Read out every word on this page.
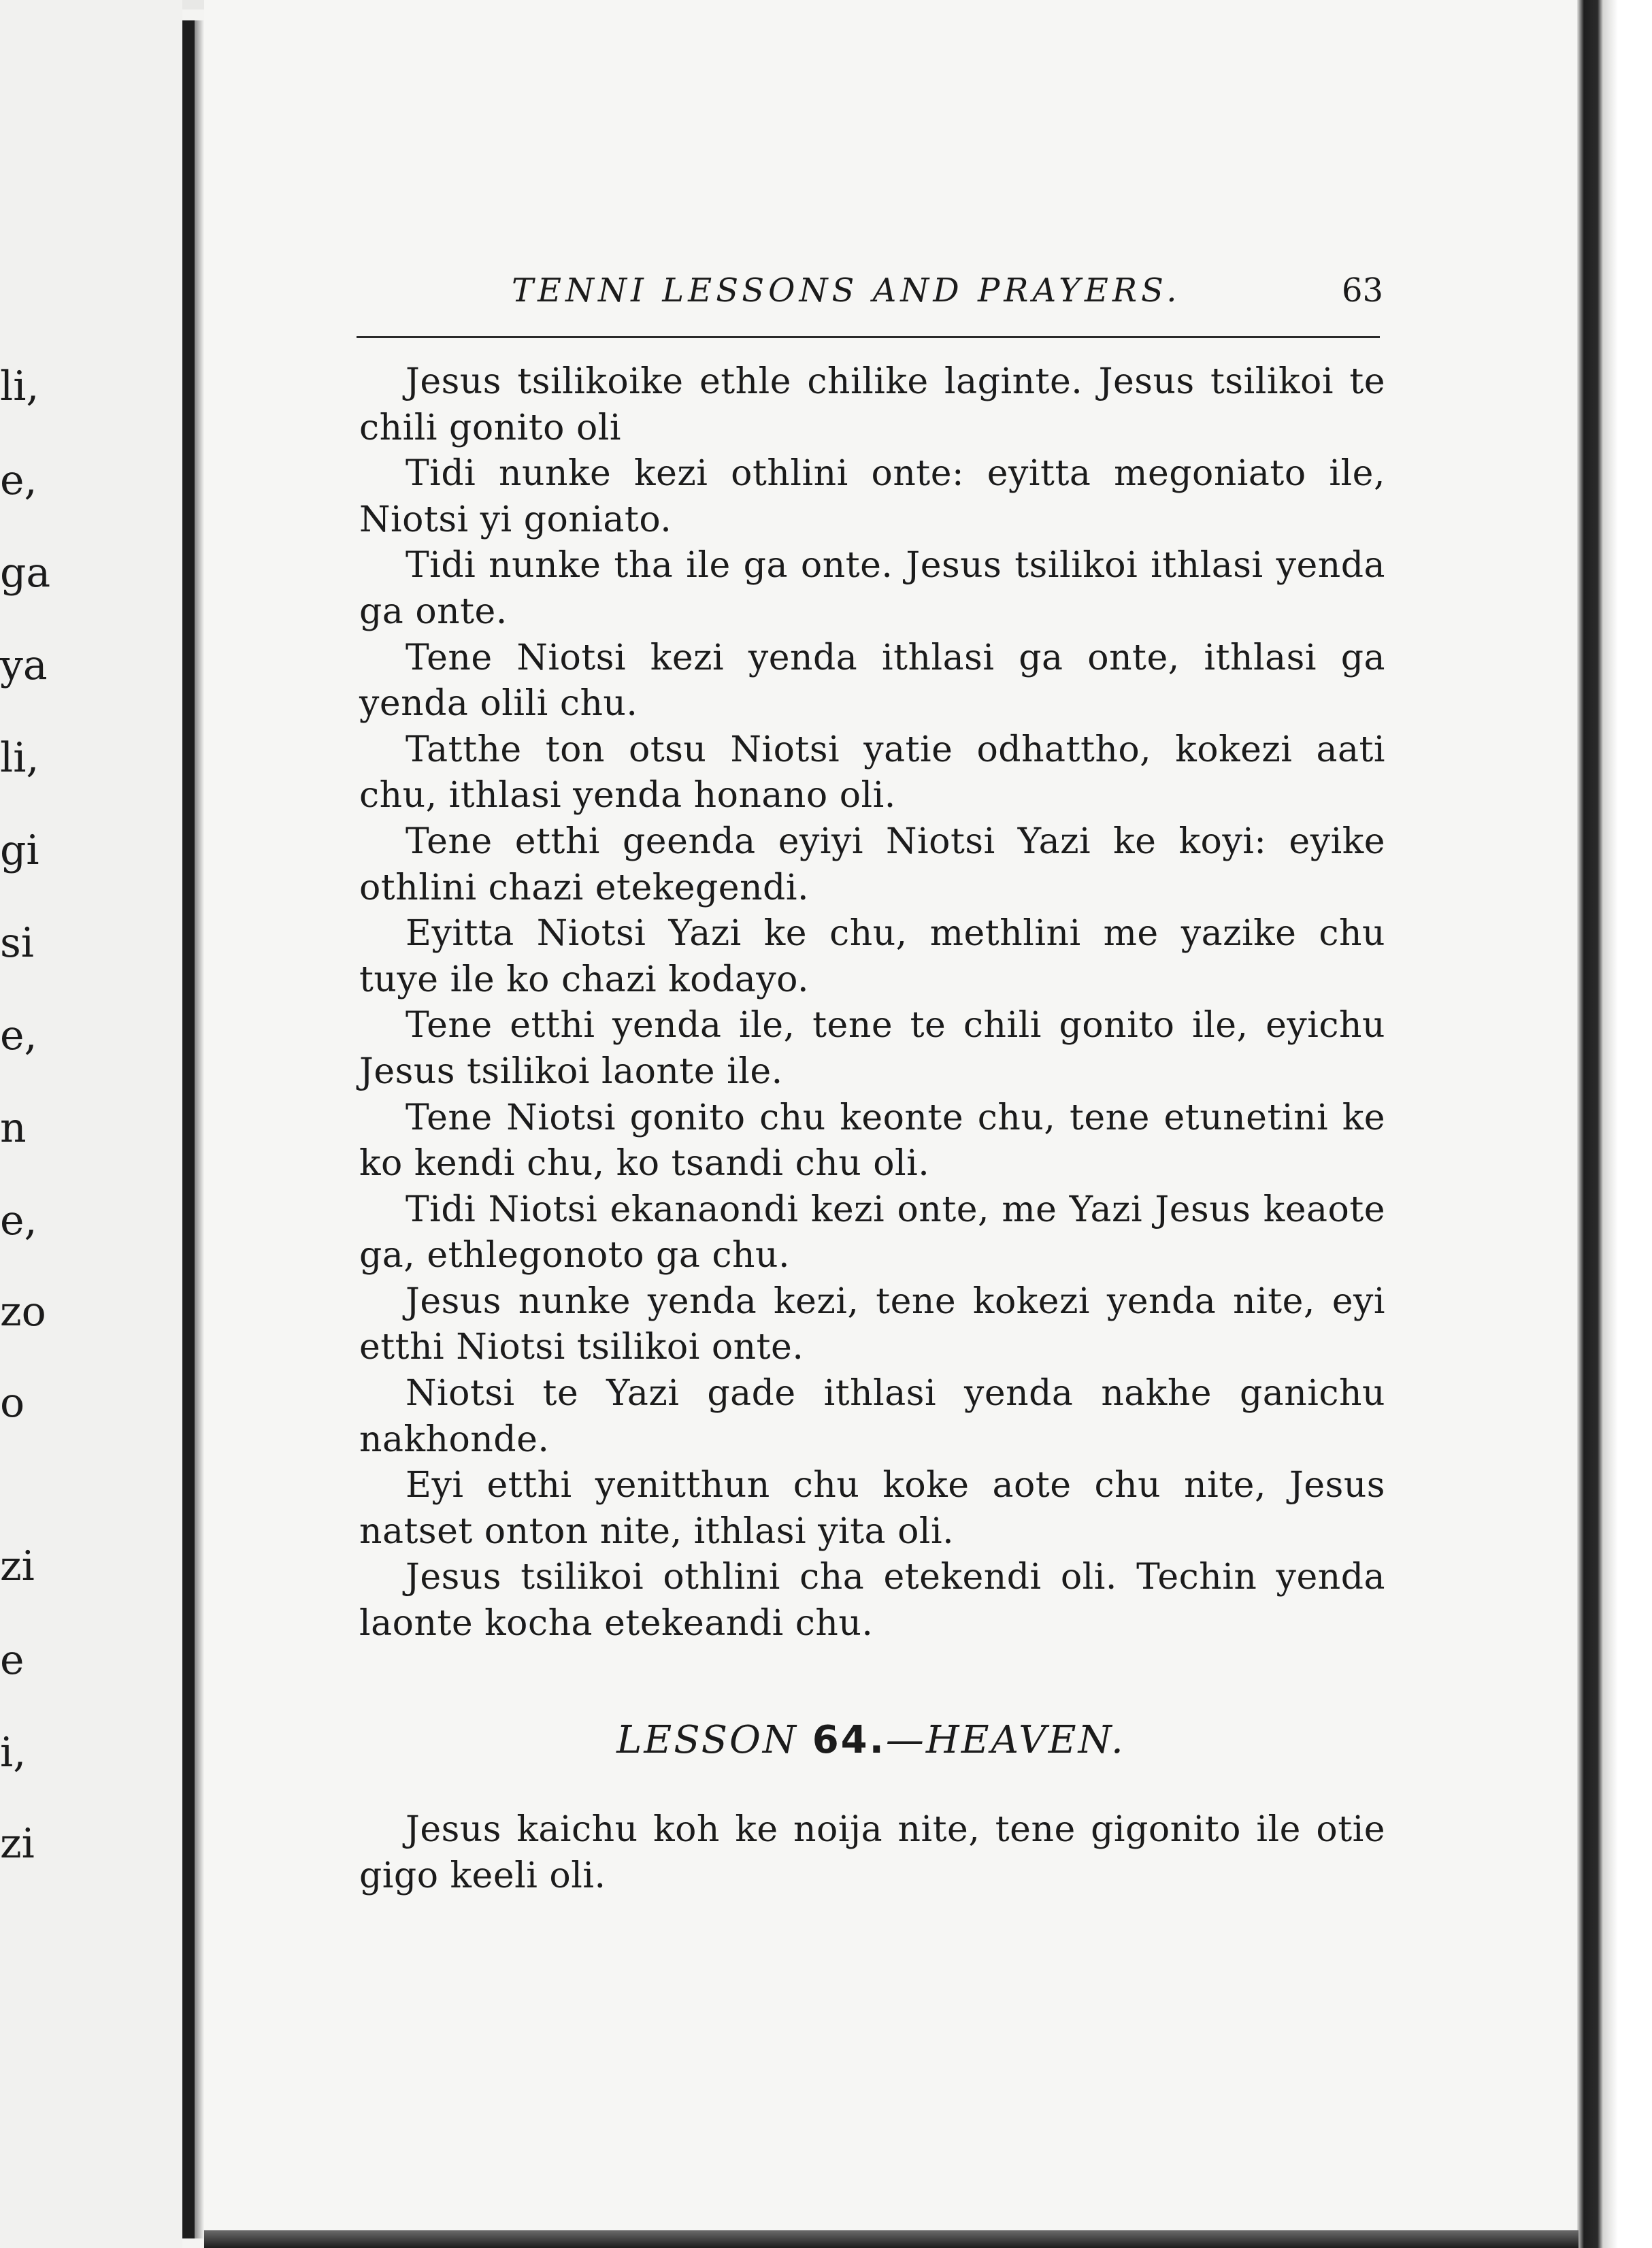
li,
e,
ga
ya
li,
gi
si
e,
n
e,
zo
o
zi
e
i,
zi
TENNI LESSONS AND PRAYERS.	63

Jesus tsilikoike ethle chilike laginte. Jesus tsilikoi te chili gonito oli

Tidi nunke kezi othlini onte: eyitta megoniato ile, Niotsi yi goniato.

Tidi nunke tha ile ga onte. Jesus tsilikoi ithlasi yenda ga onte.

Tene Niotsi kezi yenda ithlasi ga onte, ithlasi ga yenda olili chu.

Tatthe ton otsu Niotsi yatie odhattho, kokezi aati chu, ithlasi yenda honano oli.

Tene etthi geenda eyiyi Niotsi Yazi ke koyi: eyike othlini chazi etekegendi.

Eyitta Niotsi Yazi ke chu, methlini me yazike chu tuye ile ko chazi kodayo.

Tene etthi yenda ile, tene te chili gonito ile, eyichu Jesus tsilikoi laonte ile.

Tene Niotsi gonito chu keonte chu, tene etunetini ke ko kendi chu, ko tsandi chu oli.

Tidi Niotsi ekanaondi kezi onte, me Yazi Jesus keaote ga, ethlegonoto ga chu.

Jesus nunke yenda kezi, tene kokezi yenda nite, eyi etthi Niotsi tsilikoi onte.

Niotsi te Yazi gade ithlasi yenda nakhe ganichu nakhonde.

Eyi etthi yenitthun chu koke aote chu nite, Jesus natset onton nite, ithlasi yita oli.

Jesus tsilikoi othlini cha etekendi oli. Techin yenda laonte kocha etekeandi chu.

LESSON 64.—HEAVEN.

Jesus kaichu koh ke noija nite, tene gigonito ile otie gigo keeli oli.
